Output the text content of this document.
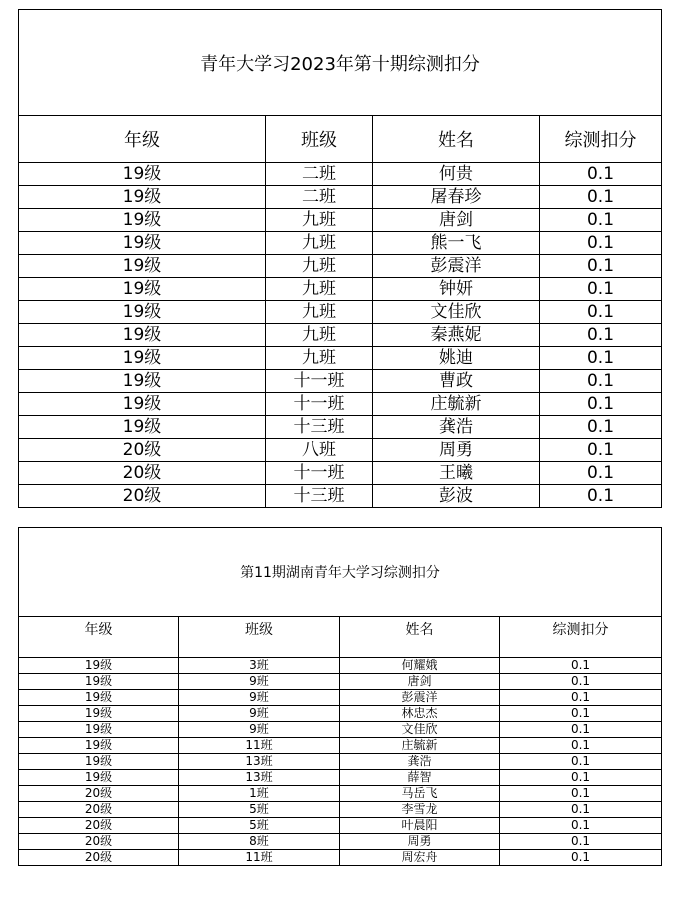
青年大学习2023年第十期综测扣分			
年级	班级	姓名	综测扣分
19级	二班	何贵	0.1
19级	二班	屠春珍	0.1
19级	九班	唐剑	0.1
19级	九班	熊一飞	0.1
19级	九班	彭震洋	0.1
19级	九班	钟妍	0.1
19级	九班	文佳欣	0.1
19级	九班	秦燕妮	0.1
19级	九班	姚迪	0.1
19级	十一班	曹政	0.1
19级	十一班	庄毓新	0.1
19级	十三班	龚浩	0.1
20级	八班	周勇	0.1
20级	十一班	王曦	0.1
20级	十三班	彭波	0.1
第11期湖南青年大学习综测扣分			
年级	班级	姓名	综测扣分
19级	3班	何耀娥	0.1
19级	9班	唐剑	0.1
19级	9班	彭震洋	0.1
19级	9班	林忠杰	0.1
19级	9班	文佳欣	0.1
19级	11班	庄毓新	0.1
19级	13班	龚浩	0.1
19级	13班	薛智	0.1
20级	1班	马岳飞	0.1
20级	5班	李雪龙	0.1
20级	5班	叶晨阳	0.1
20级	8班	周勇	0.1
20级	11班	周宏舟	0.1
